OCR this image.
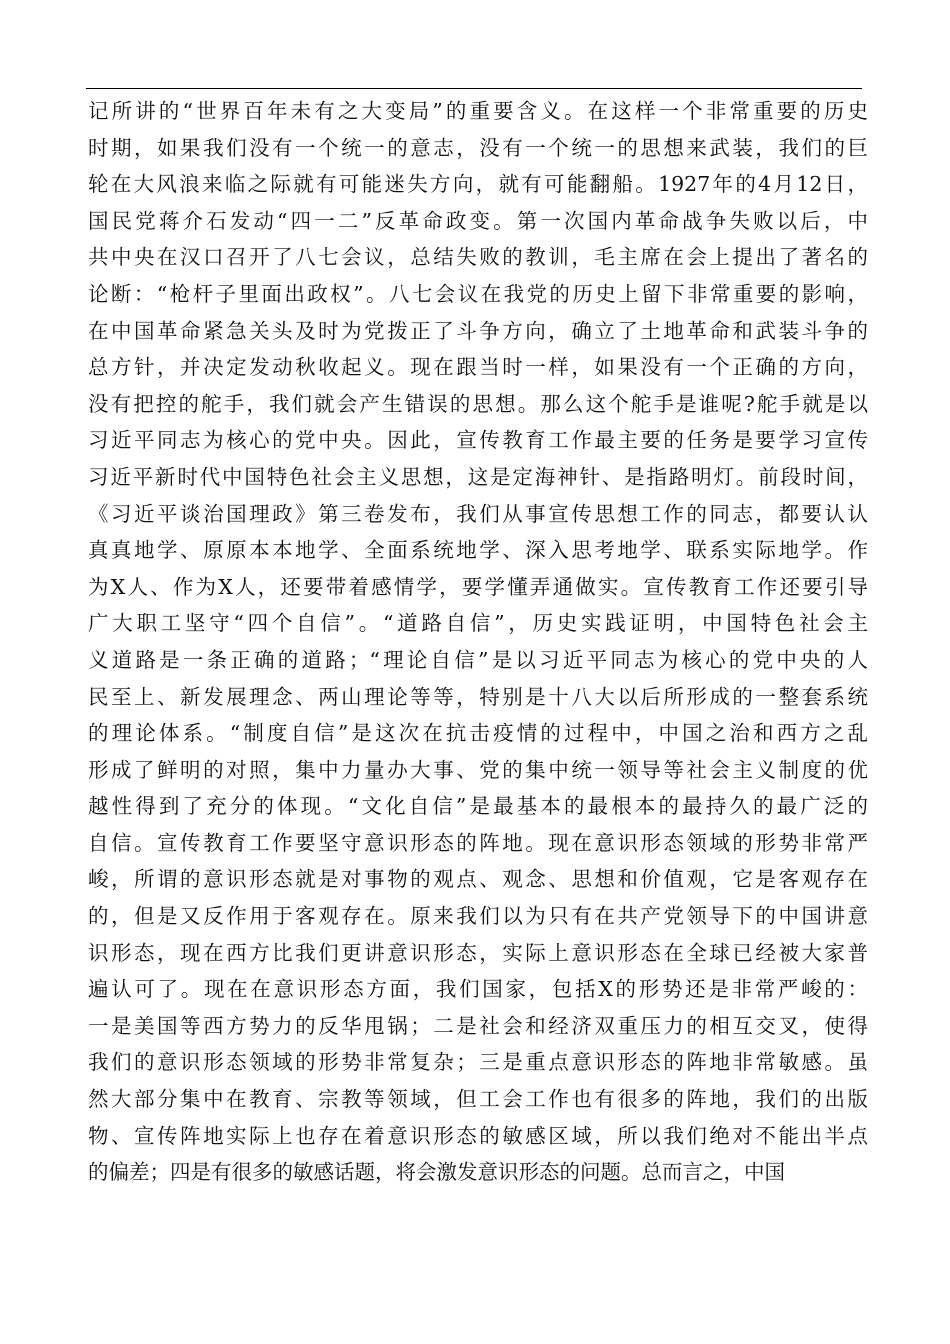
记所讲的“世界百年未有之大变局”的重要含义。在这样一个非常重要的历史
时期，如果我们没有一个统一的意志，没有一个统一的思想来武装，我们的巨
轮在大风浪来临之际就有可能迷失方向，就有可能翻船。1927年的4月12日，
国民党蒋介石发动“四一二”反革命政变。第一次国内革命战争失败以后，中
共中央在汉口召开了八七会议，总结失败的教训，毛主席在会上提出了著名的
论断：“枪杆子里面出政权”。八七会议在我党的历史上留下非常重要的影响，
在中国革命紧急关头及时为党拨正了斗争方向，确立了土地革命和武装斗争的
总方针，并决定发动秋收起义。现在跟当时一样，如果没有一个正确的方向，
没有把控的舵手，我们就会产生错误的思想。那么这个舵手是谁呢?舵手就是以
习近平同志为核心的党中央。因此，宣传教育工作最主要的任务是要学习宣传
习近平新时代中国特色社会主义思想，这是定海神针、是指路明灯。前段时间，
《习近平谈治国理政》第三卷发布，我们从事宣传思想工作的同志，都要认认
真真地学、原原本本地学、全面系统地学、深入思考地学、联系实际地学。作
为X人、作为X人，还要带着感情学，要学懂弄通做实。宣传教育工作还要引导
广大职工坚守“四个自信”。“道路自信”，历史实践证明，中国特色社会主
义道路是一条正确的道路；“理论自信”是以习近平同志为核心的党中央的人
民至上、新发展理念、两山理论等等，特别是十八大以后所形成的一整套系统
的理论体系。“制度自信”是这次在抗击疫情的过程中，中国之治和西方之乱
形成了鲜明的对照，集中力量办大事、党的集中统一领导等社会主义制度的优
越性得到了充分的体现。“文化自信”是最基本的最根本的最持久的最广泛的
自信。宣传教育工作要坚守意识形态的阵地。现在意识形态领域的形势非常严
峻，所谓的意识形态就是对事物的观点、观念、思想和价值观，它是客观存在
的，但是又反作用于客观存在。原来我们以为只有在共产党领导下的中国讲意
识形态，现在西方比我们更讲意识形态，实际上意识形态在全球已经被大家普
遍认可了。现在在意识形态方面，我们国家，包括X的形势还是非常严峻的：
一是美国等西方势力的反华甩锅；二是社会和经济双重压力的相互交叉，使得
我们的意识形态领域的形势非常复杂；三是重点意识形态的阵地非常敏感。虽
然大部分集中在教育、宗教等领域，但工会工作也有很多的阵地，我们的出版
物、宣传阵地实际上也存在着意识形态的敏感区域，所以我们绝对不能出半点
的偏差；四是有很多的敏感话题，将会激发意识形态的问题。总而言之，中国
